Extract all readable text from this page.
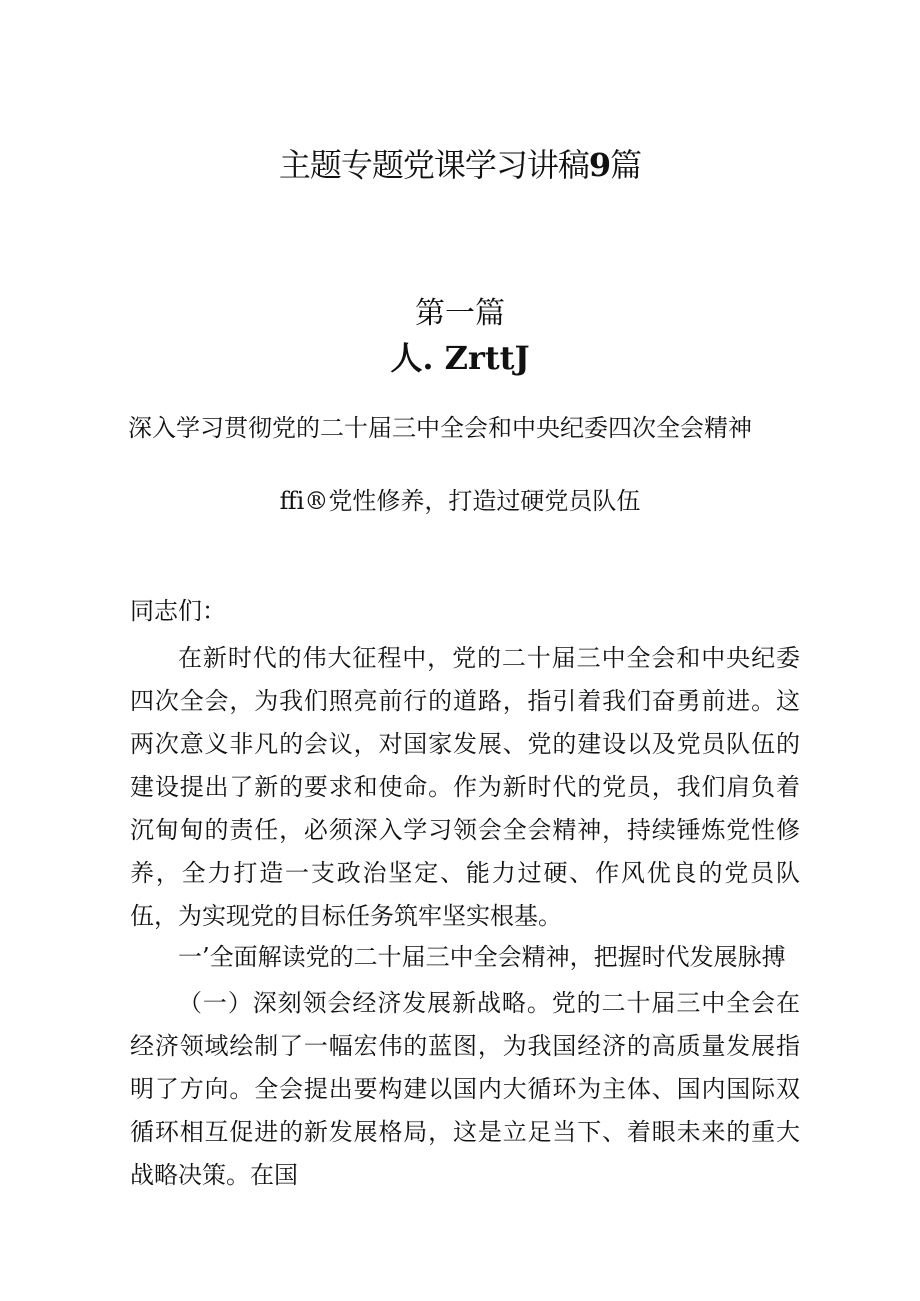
主题专题党课学习讲稿9篇
第一篇
人. ZrttJ
深入学习贯彻党的二十届三中全会和中央纪委四次全会精神
ffi®党性修养，打造过硬党员队伍
同志们：
在新时代的伟大征程中，党的二十届三中全会和中央纪委四次全会，为我们照亮前行的道路，指引着我们奋勇前进。这两次意义非凡的会议，对国家发展、党的建设以及党员队伍的建设提出了新的要求和使命。作为新时代的党员，我们肩负着沉甸甸的责任，必须深入学习领会全会精神，持续锤炼党性修养，全力打造一支政治坚定、能力过硬、作风优良的党员队伍，为实现党的目标任务筑牢坚实根基。
一’全面解读党的二十届三中全会精神，把握时代发展脉搏
（一）深刻领会经济发展新战略。党的二十届三中全会在经济领域绘制了一幅宏伟的蓝图，为我国经济的高质量发展指明了方向。全会提出要构建以国内大循环为主体、国内国际双循环相互促进的新发展格局，这是立足当下、着眼未来的重大战略决策。在国
